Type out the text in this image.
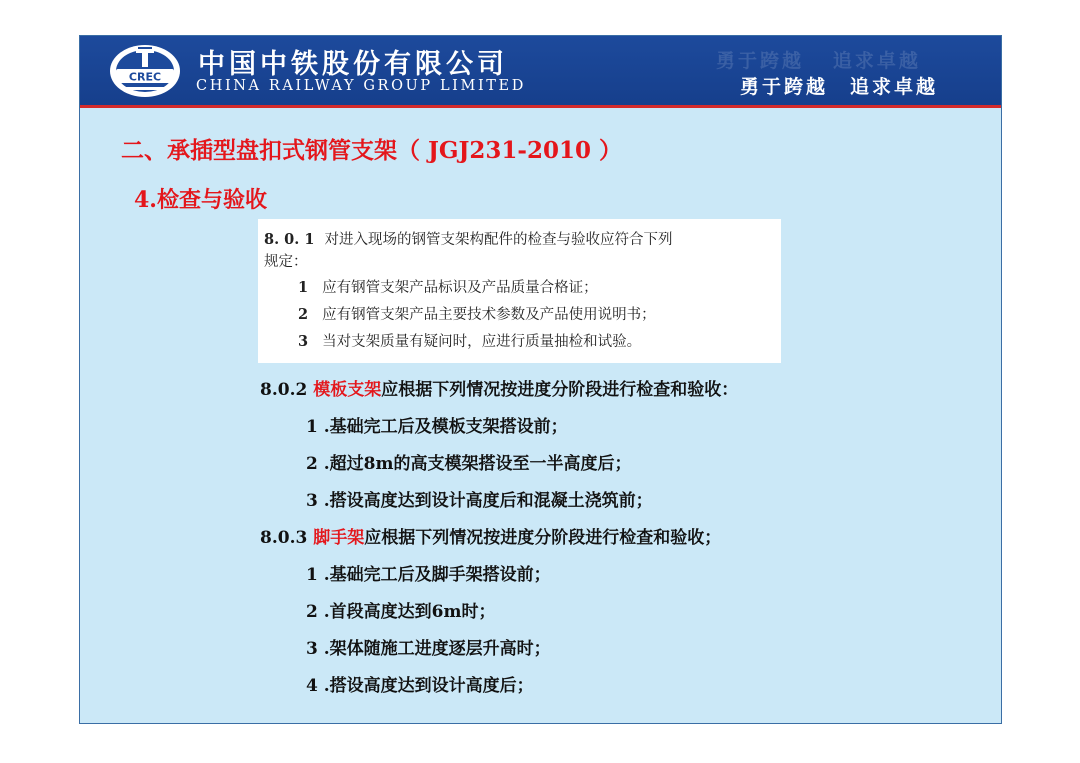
CREC 中国中铁股份有限公司
CHINA RAILWAY GROUP LIMITED
勇于跨越 追求卓越
勇于跨越 追求卓越
二、承插型盘扣式钢管支架（ JGJ231-2010 ）
4.检查与验收
8. 0. 1 对进入现场的钢管支架构配件的检查与验收应符合下列
规定：
1 应有钢管支架产品标识及产品质量合格证；
2 应有钢管支架产品主要技术参数及产品使用说明书；
3 当对支架质量有疑问时，应进行质量抽检和试验。
8.0.2 模板支架应根据下列情况按进度分阶段进行检查和验收：
1 .基础完工后及模板支架搭设前；
2 .超过8m的高支模架搭设至一半高度后；
3 .搭设高度达到设计高度后和混凝土浇筑前；
8.0.3 脚手架应根据下列情况按进度分阶段进行检查和验收；
1 .基础完工后及脚手架搭设前；
2 .首段高度达到6m时；
3 .架体随施工进度逐层升高时；
4 .搭设高度达到设计高度后；
